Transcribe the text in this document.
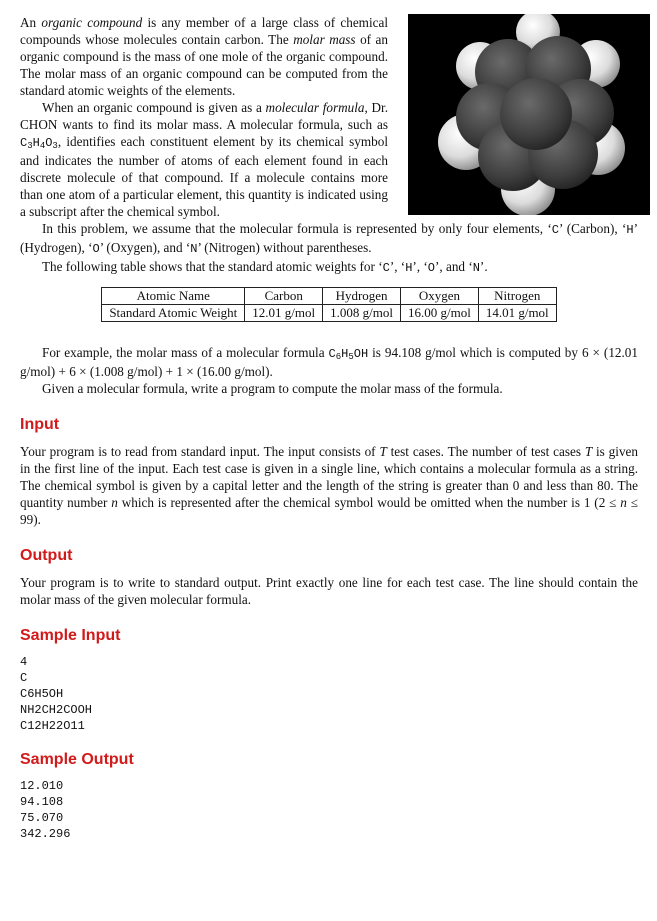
An organic compound is any member of a large class of chemical compounds whose molecules contain carbon. The molar mass of an organic compound is the mass of one mole of the organic compound. The molar mass of an organic compound can be computed from the standard atomic weights of the elements.

When an organic compound is given as a molecular formula, Dr. CHON wants to find its molar mass. A molecular formula, such as $C_3H_4O_3$, identifies each constituent element by its chemical symbol and indicates the number of atoms of each element found in each discrete molecule of that compound. If a molecule contains more than one atom of a particular element, this quantity is indicated using a subscript after the chemical symbol.

In this problem, we assume that the molecular formula is represented by only four elements, ‘C’ (Carbon), ‘H’ (Hydrogen), ‘O’ (Oxygen), and ‘N’ (Nitrogen) without parentheses.

The following table shows that the standard atomic weights for ‘C’, ‘H’, ‘O’, and ‘N’.

Atomic Name	Carbon	Hydrogen	Oxygen	Nitrogen
Standard Atomic Weight	12.01 g/mol	1.008 g/mol	16.00 g/mol	14.01 g/mol

For example, the molar mass of a molecular formula $C_6H_5OH$ is 94.108 g/mol which is computed by 6 × (12.01 g/mol) + 6 × (1.008 g/mol) + 1 × (16.00 g/mol).

Given a molecular formula, write a program to compute the molar mass of the formula.

Input

Your program is to read from standard input. The input consists of T test cases. The number of test cases T is given in the first line of the input. Each test case is given in a single line, which contains a molecular formula as a string. The chemical symbol is given by a capital letter and the length of the string is greater than 0 and less than 80. The quantity number n which is represented after the chemical symbol would be omitted when the number is 1 (2 ≤ n ≤ 99).

Output

Your program is to write to standard output. Print exactly one line for each test case. The line should contain the molar mass of the given molecular formula.

Sample Input
4
C
C6H5OH
NH2CH2COOH
C12H22O11
Sample Output
12.010
94.108
75.070
342.296
